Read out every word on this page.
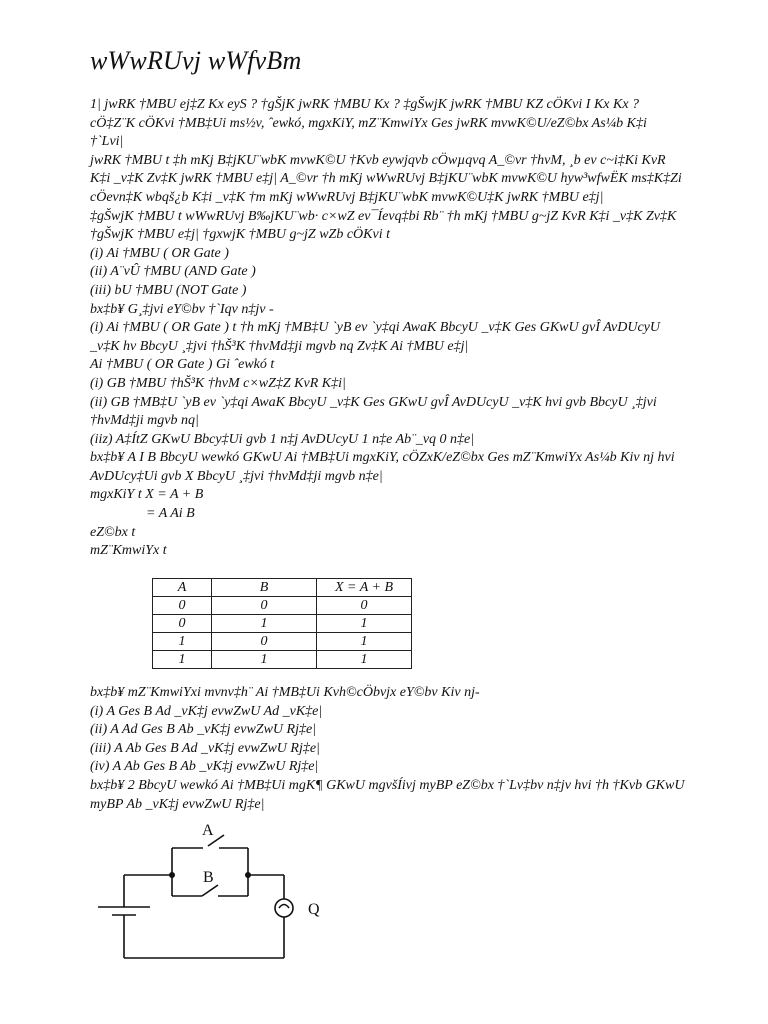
wWwRUvj wWfvBm
1| jwRK †MBU ej‡Z Kx eyS ? †gŠjK jwRK †MBU Kx ? ‡gŠwjK jwRK †MBU KZ cÖKvi I Kx Kx ?
cÖ‡Z¨K cÖKvi †MB‡Ui ms½v, ˆewkó, mgxKiY, mZ¨KmwiYx Ges jwRK mvwK©U/eZ©bx As¼b K‡i
†`Lvi|
jwRK †MBU t ‡h mKj B‡jKU¨wbK mvwK©U †Kvb eywjqvb cÖwµqvq A_©vr †hvM, ¸b ev c~i‡Ki KvR
K‡i _v‡K Zv‡K jwRK †MBU e‡j| A_©vr †h mKj wWwRUvj B‡jKU¨wbK mvwK©U hyw³wfwËK ms‡K‡Zi
cÖevn‡K wbqš¿b K‡i _v‡K †m mKj wWwRUvj B‡jKU¨wbK mvwK©U‡K jwRK †MBU e‡j|
‡gŠwjK †MBU t wWwRUvj B‰jKU¨wb· c×wZ ev¯Íevq‡bi Rb¨ †h mKj †MBU g~jZ KvR K‡i _v‡K Zv‡K
†gŠwjK †MBU e‡j| †gxwjK †MBU g~jZ wZb cÖKvi t
(i) Ai †MBU ( OR Gate )
(ii) A¨vÛ †MBU (AND Gate )
(iii) bU †MBU (NOT Gate )
bx‡b¥ G¸‡jvi eY©bv †`Iqv n‡jv -
(i) Ai †MBU ( OR Gate ) t †h mKj †MB‡U `yB ev `y‡qi AwaK BbcyU _v‡K Ges GKwU gvÎ AvDUcyU
_v‡K hv BbcyU ¸‡jvi †hŠ³K †hvMd‡ji mgvb nq Zv‡K Ai †MBU e‡j|
Ai †MBU ( OR Gate ) Gi ˆewkó t
(i) GB †MBU †hŠ³K †hvM c×wZ‡Z KvR K‡i|
(ii) GB †MB‡U `yB ev `y‡qi AwaK BbcyU _v‡K Ges GKwU gvÎ AvDUcyU _v‡K hvi gvb BbcyU ¸‡jvi
†hvMd‡ji mgvb nq|
(iiz) A‡ÍtZ GKwU Bbcy‡Ui gvb 1 n‡j AvDUcyU 1 n‡e Ab¨_vq 0 n‡e|
bx‡b¥ A I B BbcyU wewkó GKwU Ai †MB‡Ui mgxKiY, cÖZxK/eZ©bx Ges mZ¨KmwiYx As¼b Kiv nj hvi
AvDUcy‡Ui gvb X BbcyU ¸‡jvi †hvMd‡ji mgvb n‡e|
mgxKiY t X = A + B
= A Ai B
eZ©bx t
mZ¨KmwiYx t
A	B	X = A + B
0	0	0
0	1	1
1	0	1
1	1	1
bx‡b¥ mZ¨KmwiYxi mvnv‡h¨ Ai †MB‡Ui Kvh©cÖbvjx eY©bv Kiv nj-
(i) A Ges B Ad _vK‡j evwZwU Ad _vK‡e|
(ii) A Ad Ges B Ab _vK‡j evwZwU Rj‡e|
(iii) A Ab Ges B Ad _vK‡j evwZwU Rj‡e|
(iv) A Ab Ges B Ab _vK‡j evwZwU Rj‡e|
bx‡b¥ 2 BbcyU wewkó Ai †MB‡Ui mgK¶ GKwU mgvšÍivj myBP eZ©bx †`Lv‡bv n‡jv hvi †h †Kvb GKwU
myBP Ab _vK‡j evwZwU Rj‡e|
A
B
Q
